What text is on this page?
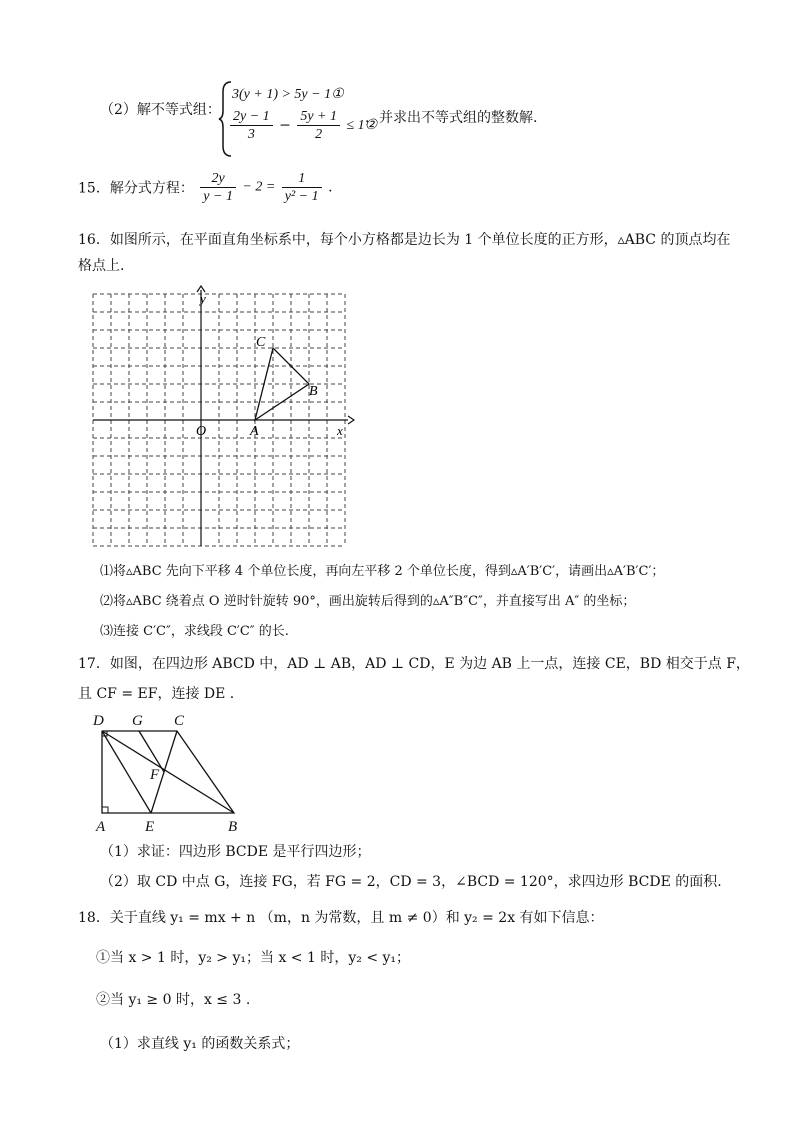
（2）解不等式组：
3(y + 1) > 5y − 1①
$\frac{2y - 1}{3} - \frac{5y + 1}{2}$ ≤ 1②
，并求出不等式组的整数解.
15．解分式方程： $\frac{2y}{y - 1} - 2 = \frac{1}{\text{y² − 1}}$ .
16．如图所示，在平面直角坐标系中，每个小方格都是边长为 1 个单位长度的正方形，▵ABC 的顶点均在
格点上.
y
x
O	A
B
C
⑴将▵ABC 先向下平移 4 个单位长度，再向左平移 2 个单位长度，得到▵A′B′C′，请画出▵A′B′C′；
⑵将▵ABC 绕着点 O 逆时针旋转 90°，画出旋转后得到的▵A″B″C″，并直接写出 A″ 的坐标；
⑶连接 C′C″，求线段 C′C″ 的长.
17．如图，在四边形 ABCD 中，AD ⊥ AB，AD ⊥ CD，E 为边 AB 上一点，连接 CE，BD 相交于点 F，
且 CF = EF，连接 DE .
D G C
F
A	E	B
（1）求证：四边形 BCDE 是平行四边形；
（2）取 CD 中点 G，连接 FG，若 FG = 2，CD = 3，∠BCD = 120°，求四边形 BCDE 的面积.
18．关于直线 y₁ = mx + n （m，n 为常数，且 m ≠ 0）和 y₂ = 2x 有如下信息：
①当 x > 1 时，y₂ > y₁；当 x < 1 时，y₂ < y₁；
②当 y₁ ≥ 0 时，x ≤ 3 .
（1）求直线 y₁ 的函数关系式；
